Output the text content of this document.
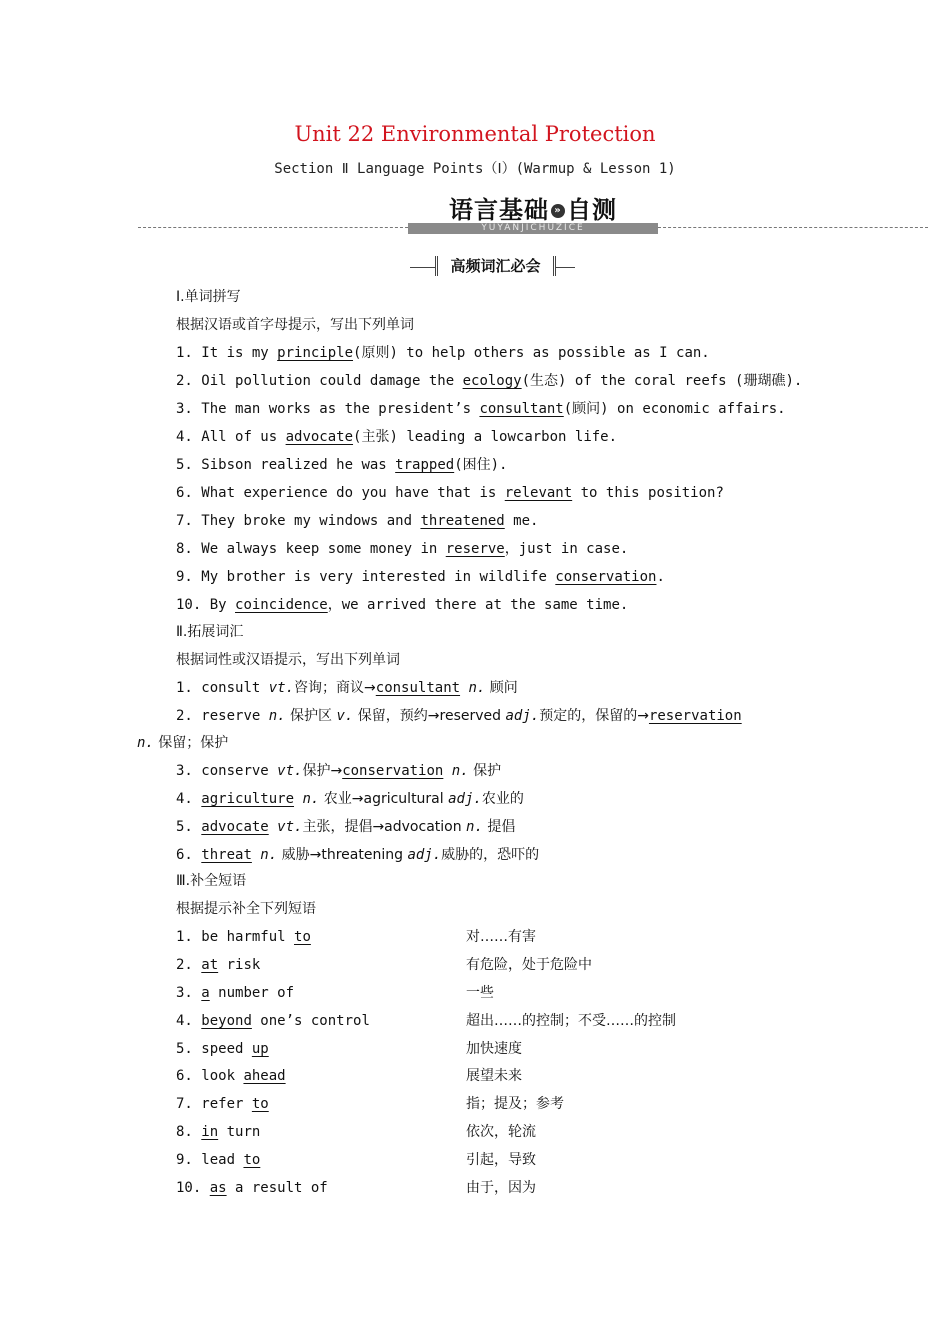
Unit 22 Environmental Protection
Section Ⅱ Language Points（Ⅰ）(Warmup & Lesson 1)
YUYANJICHUZICE
语言基础 » 自测
高频词汇必会
Ⅰ.单词拼写
根据汉语或首字母提示，写出下列单词
1. It is my principle(原则) to help others as possible as I can.
2. Oil pollution could damage the ecology(生态) of the coral reefs (珊瑚礁).
3. The man works as the president’s consultant(顾问) on economic affairs.
4. All of us advocate(主张) leading a lowcarbon life.
5. Sibson realized he was trapped(困住).
6. What experience do you have that is relevant to this position?
7. They broke my windows and threatened me.
8. We always keep some money in reserve，just in case.
9. My brother is very interested in wildlife conservation.
10. By coincidence，we arrived there at the same time.
Ⅱ.拓展词汇
根据词性或汉语提示，写出下列单词
1. consult vt.咨询；商议→consultant n. 顾问
2. reserve n. 保护区 v. 保留，预约→reserved adj.预定的，保留的→reservation
n. 保留；保护
3. conserve vt.保护→conservation n. 保护
4. agriculture n. 农业→agricultural adj.农业的
5. advocate vt.主张，提倡→advocation n. 提倡
6. threat n. 威胁→threatening adj.威胁的，恐吓的
Ⅲ.补全短语
根据提示补全下列短语
1. be harmful to	对……有害
2. at risk	有危险，处于危险中
3. a number of	一些
4. beyond one’s control	超出……的控制；不受……的控制
5. speed up	加快速度
6. look ahead	展望未来
7. refer to	指；提及；参考
8. in turn	依次，轮流
9. lead to	引起，导致
10. as a result of	由于，因为
